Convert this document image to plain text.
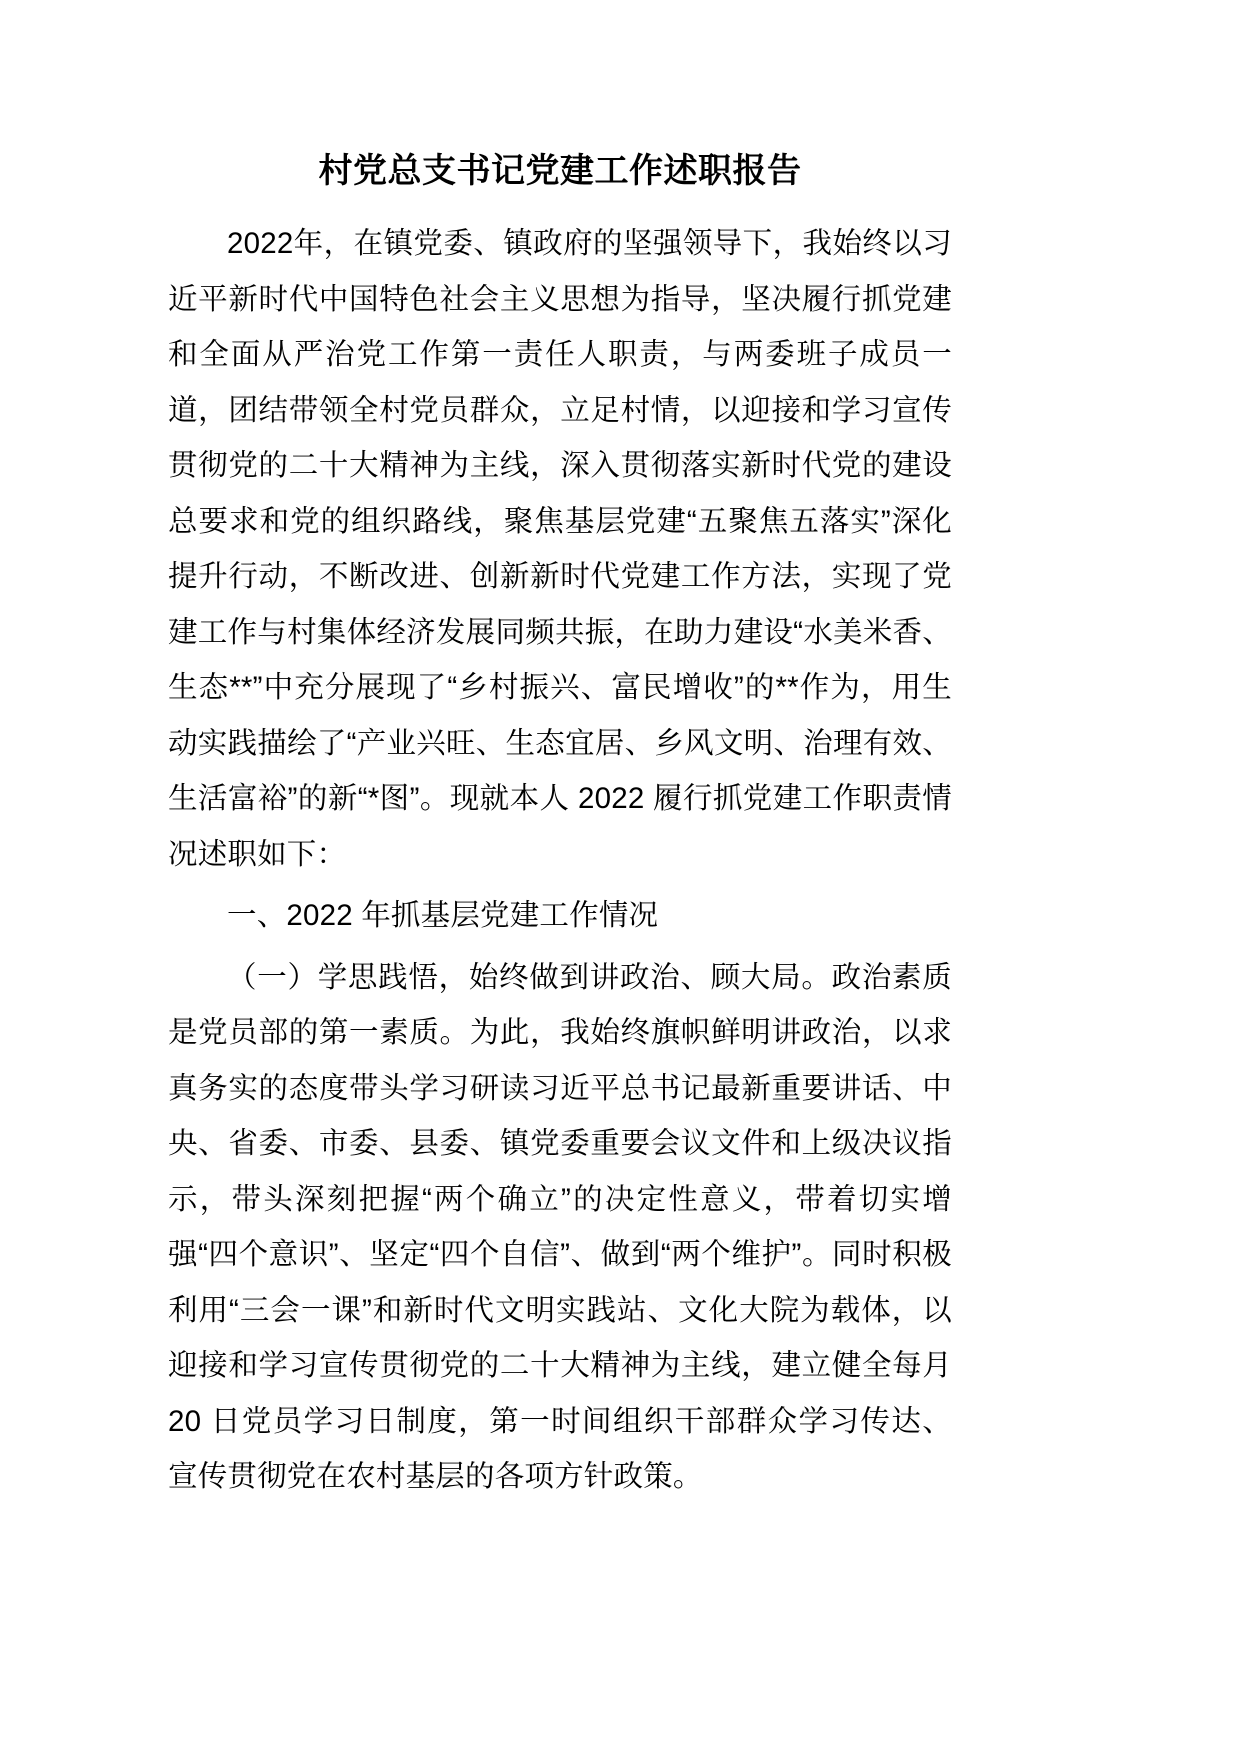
村党总支书记党建工作述职报告

2022年，在镇党委、镇政府的坚强领导下，我始终以习近平新时代中国特色社会主义思想为指导，坚决履行抓党建和全面从严治党工作第一责任人职责，与两委班子成员一道，团结带领全村党员群众，立足村情，以迎接和学习宣传贯彻党的二十大精神为主线，深入贯彻落实新时代党的建设总要求和党的组织路线，聚焦基层党建“五聚焦五落实”深化提升行动，不断改进、创新新时代党建工作方法，实现了党建工作与村集体经济发展同频共振，在助力建设“水美米香、生态**”中充分展现了“乡村振兴、富民增收”的**作为，用生动实践描绘了“产业兴旺、生态宜居、乡风文明、治理有效、生活富裕”的新“*图”。现就本人 2022 履行抓党建工作职责情况述职如下：

一、2022 年抓基层党建工作情况

（一）学思践悟，始终做到讲政治、顾大局。政治素质是党员部的第一素质。为此，我始终旗帜鲜明讲政治，以求真务实的态度带头学习研读习近平总书记最新重要讲话、中央、省委、市委、县委、镇党委重要会议文件和上级决议指示，带头深刻把握“两个确立”的决定性意义，带着切实增强“四个意识”、坚定“四个自信”、做到“两个维护”。同时积极利用“三会一课”和新时代文明实践站、文化大院为载体，以迎接和学习宣传贯彻党的二十大精神为主线，建立健全每月 20 日党员学习日制度，第一时间组织干部群众学习传达、宣传贯彻党在农村基层的各项方针政策。
